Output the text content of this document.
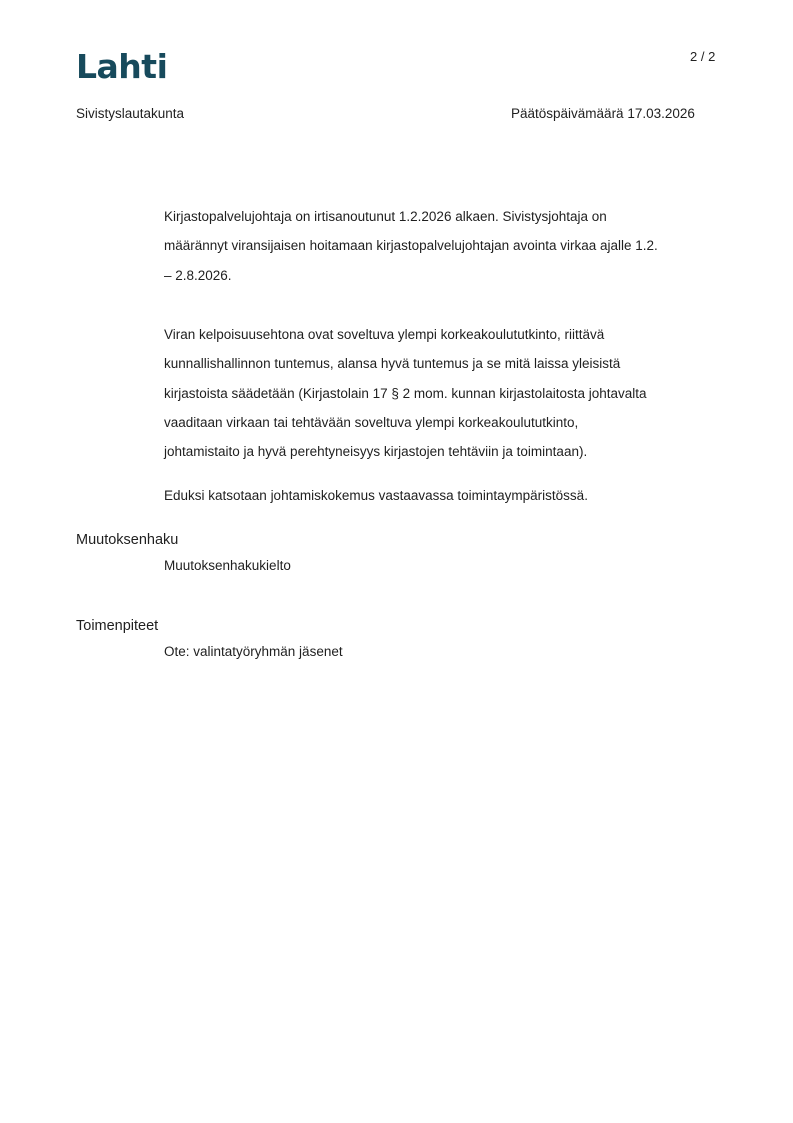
Lahti	2 / 2
Sivistyslautakunta	Päätöspäivämäärä 17.03.2026
Kirjastopalvelujohtaja on irtisanoutunut 1.2.2026 alkaen. Sivistysjohtaja on
määrännyt viransijaisen hoitamaan kirjastopalvelujohtajan avointa virkaa ajalle 1.2.
– 2.8.2026.
Viran kelpoisuusehtona ovat soveltuva ylempi korkeakoulututkinto, riittävä
kunnallishallinnon tuntemus, alansa hyvä tuntemus ja se mitä laissa yleisistä
kirjastoista säädetään (Kirjastolain 17 § 2 mom. kunnan kirjastolaitosta johtavalta
vaaditaan virkaan tai tehtävään soveltuva ylempi korkeakoulututkinto,
johtamistaito ja hyvä perehtyneisyys kirjastojen tehtäviin ja toimintaan).
Eduksi katsotaan johtamiskokemus vastaavassa toimintaympäristössä.
Muutoksenhaku
Muutoksenhakukielto
Toimenpiteet
Ote: valintatyöryhmän jäsenet
